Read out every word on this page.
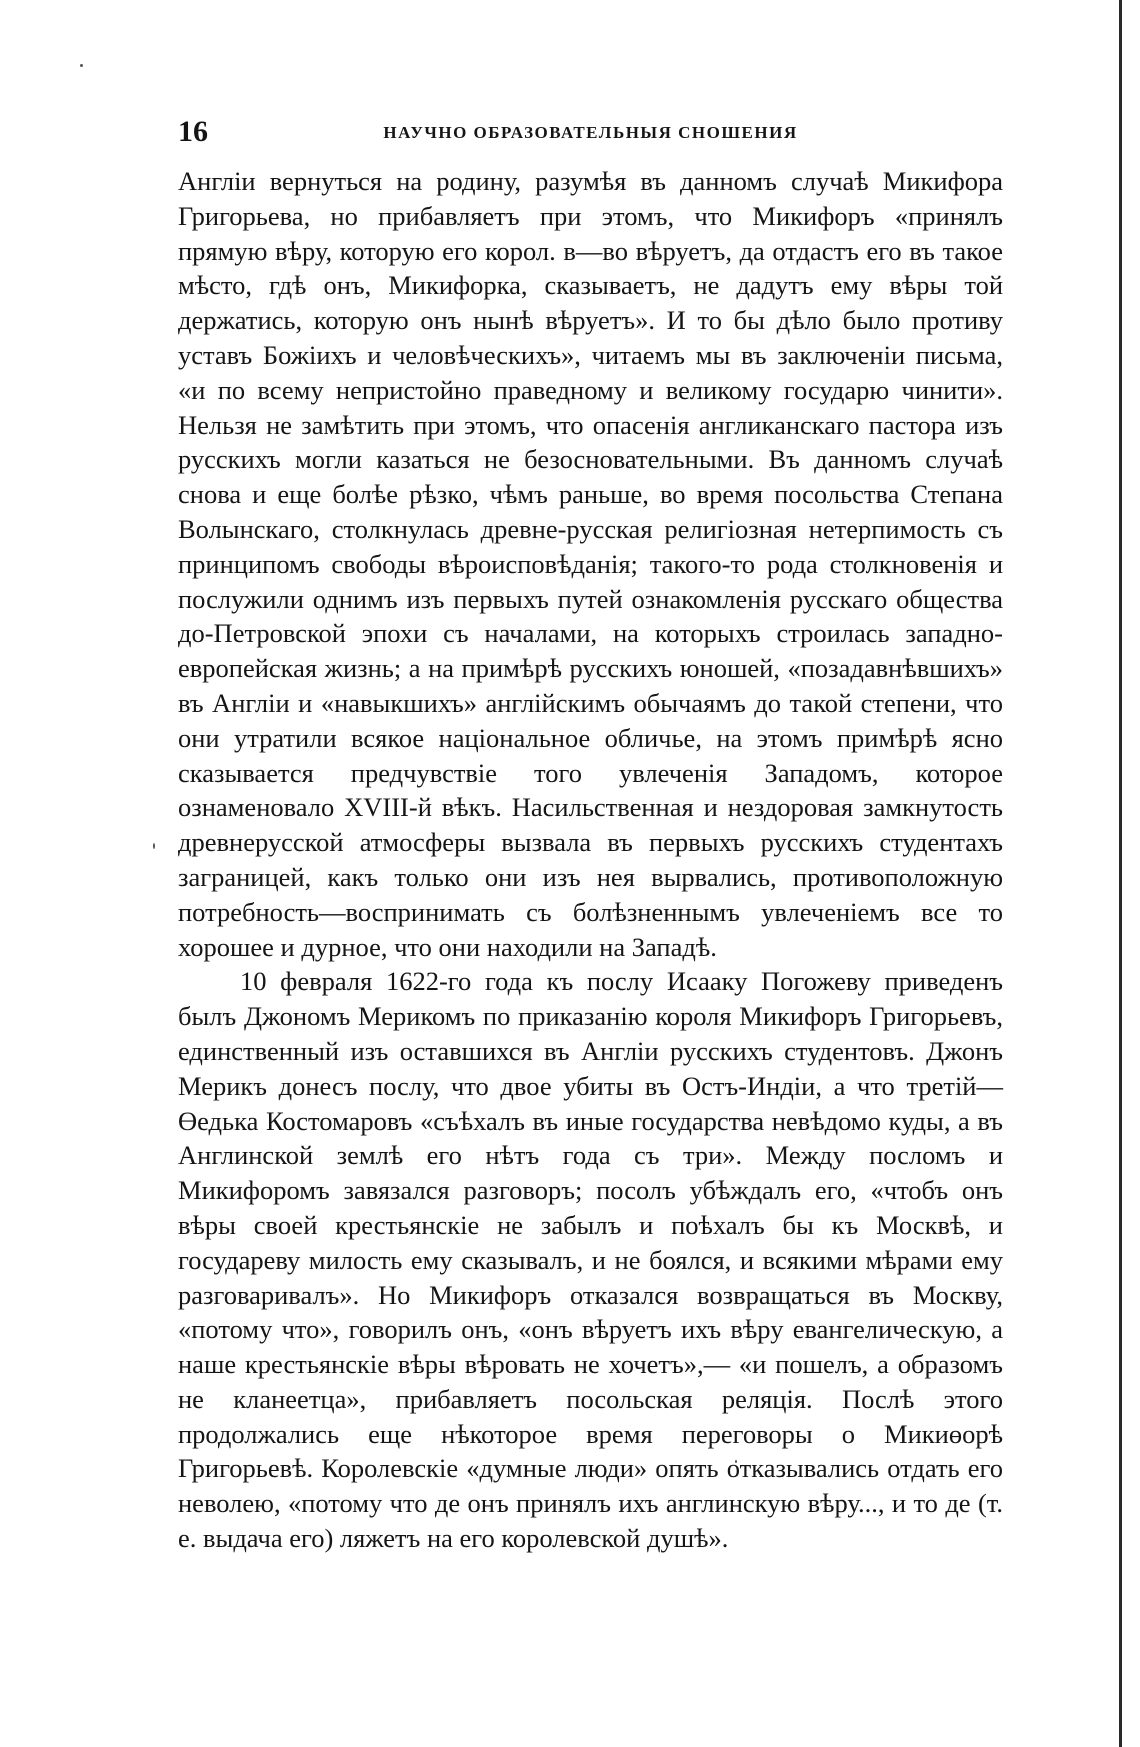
16	НАУЧНО ОБРАЗОВАТЕЛЬНЫЯ СНОШЕНИЯ

Англіи вернуться на родину, разумѣя въ данномъ случаѣ Микифора Григорьева, но прибавляетъ при этомъ, что Микифоръ «принялъ прямую вѣру, которую его корол. в—во вѣруетъ, да отдастъ его въ такое мѣсто, гдѣ онъ, Микифорка, сказываетъ, не дадутъ ему вѣры той держатись, которую онъ нынѣ вѣруетъ». И то бы дѣло было противу уставъ Божіихъ и человѣческихъ», читаемъ мы въ заключеніи письма, «и по всему непристойно праведному и великому государю чинити». Нельзя не замѣтить при этомъ, что опасенія англиканскаго пастора изъ русскихъ могли казаться не безосновательными. Въ данномъ случаѣ снова и еще болѣе рѣзко, чѣмъ раньше, во время посольства Степана Волынскаго, столкнулась древне-русская религіозная нетерпимость съ принципомъ свободы вѣроисповѣданія; такого-то рода столкновенія и послужили однимъ изъ первыхъ путей ознакомленія русскаго общества до-Петровской эпохи съ началами, на которыхъ строилась западно-европейская жизнь; а на примѣрѣ русскихъ юношей, «позадавнѣвшихъ» въ Англіи и «навыкшихъ» англійскимъ обычаямъ до такой степени, что они утратили всякое національное обличье, на этомъ примѣрѣ ясно сказывается предчувствіе того увлеченія Западомъ, которое ознаменовало XVIII-й вѣкъ. Насильственная и нездоровая замкнутость древнерусской атмосферы вызвала въ первыхъ русскихъ студентахъ заграницей, какъ только они изъ нея вырвались, противоположную потребность—воспринимать съ болѣзненнымъ увлеченіемъ все то хорошее и дурное, что они находили на Западѣ.

10 февраля 1622-го года къ послу Исааку Погожеву приведенъ былъ Джономъ Мерикомъ по приказанію короля Микифоръ Григорьевъ, единственный изъ оставшихся въ Англіи русскихъ студентовъ. Джонъ Мерикъ донесъ послу, что двое убиты въ Остъ-Индіи, а что третій—Өедька Костомаровъ «съѣхалъ въ иные государства невѣдомо куды, а въ Англинской землѣ его нѣтъ года съ три». Между посломъ и Микифоромъ завязался разговоръ; посолъ убѣждалъ его, «чтобъ онъ вѣры своей крестьянскіе не забылъ и поѣхалъ бы къ Москвѣ, и государеву милость ему сказывалъ, и не боялся, и всякими мѣрами ему разговаривалъ». Но Микифоръ отказался возвращаться въ Москву, «потому что», говорилъ онъ, «онъ вѣруетъ ихъ вѣру евангелическую, а наше крестьянскіе вѣры вѣровать не хочетъ»,— «и пошелъ, а образомъ не кланеетца», прибавляетъ посольская реляція. Послѣ этого продолжались еще нѣкоторое время переговоры о Микиөорѣ Григорьевѣ. Королевскіе «думные люди» опять отказывались отдать его неволею, «потому что де онъ принялъ ихъ англинскую вѣру..., и то де (т. е. выдача его) ляжетъ на его королевской душѣ».
